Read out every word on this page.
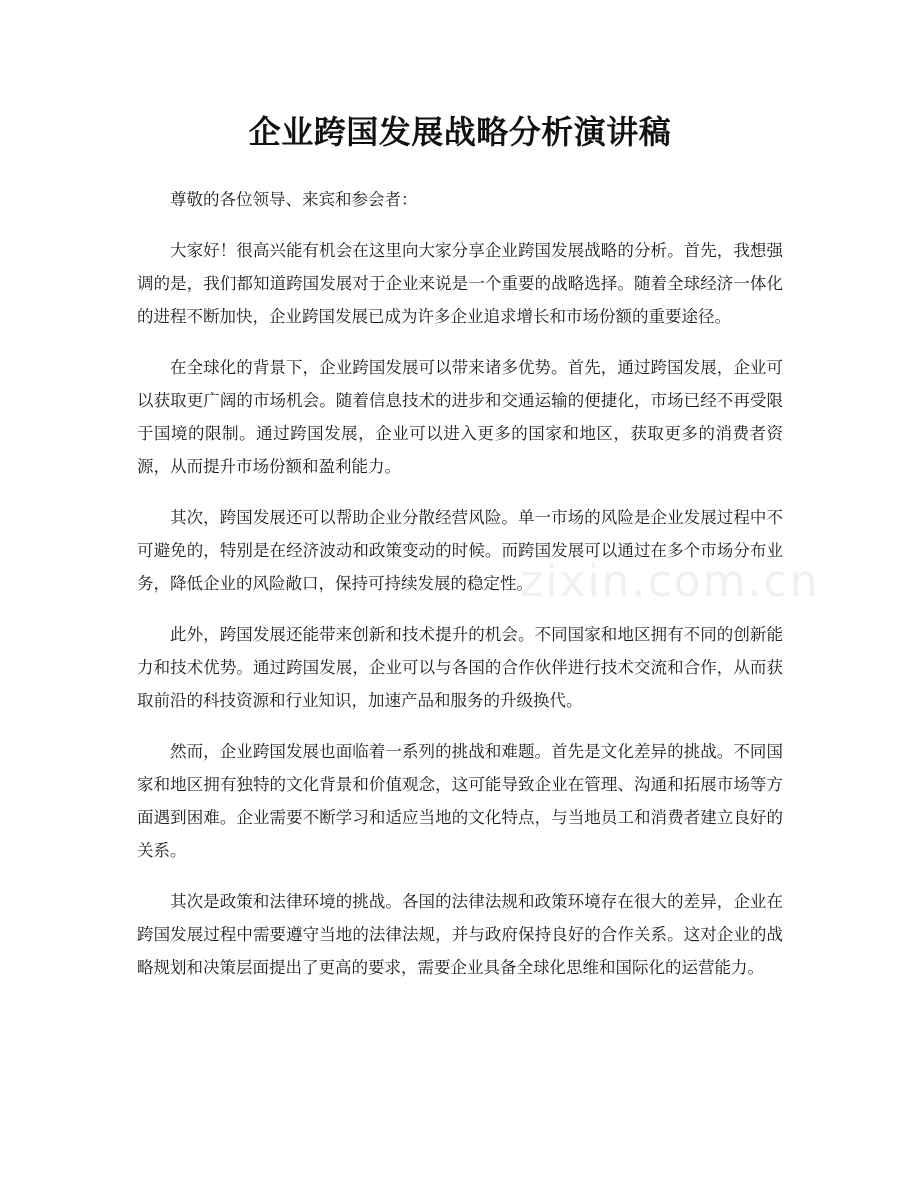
企业跨国发展战略分析演讲稿
zixin.com.cn

尊敬的各位领导、来宾和参会者：

大家好！很高兴能有机会在这里向大家分享企业跨国发展战略的分析。首先，我想强调的是，我们都知道跨国发展对于企业来说是一个重要的战略选择。随着全球经济一体化的进程不断加快，企业跨国发展已成为许多企业追求增长和市场份额的重要途径。

在全球化的背景下，企业跨国发展可以带来诸多优势。首先，通过跨国发展，企业可以获取更广阔的市场机会。随着信息技术的进步和交通运输的便捷化，市场已经不再受限于国境的限制。通过跨国发展，企业可以进入更多的国家和地区，获取更多的消费者资源，从而提升市场份额和盈利能力。

其次，跨国发展还可以帮助企业分散经营风险。单一市场的风险是企业发展过程中不可避免的，特别是在经济波动和政策变动的时候。而跨国发展可以通过在多个市场分布业务，降低企业的风险敞口，保持可持续发展的稳定性。

此外，跨国发展还能带来创新和技术提升的机会。不同国家和地区拥有不同的创新能力和技术优势。通过跨国发展，企业可以与各国的合作伙伴进行技术交流和合作，从而获取前沿的科技资源和行业知识，加速产品和服务的升级换代。

然而，企业跨国发展也面临着一系列的挑战和难题。首先是文化差异的挑战。不同国家和地区拥有独特的文化背景和价值观念，这可能导致企业在管理、沟通和拓展市场等方面遇到困难。企业需要不断学习和适应当地的文化特点，与当地员工和消费者建立良好的关系。

其次是政策和法律环境的挑战。各国的法律法规和政策环境存在很大的差异，企业在跨国发展过程中需要遵守当地的法律法规，并与政府保持良好的合作关系。这对企业的战略规划和决策层面提出了更高的要求，需要企业具备全球化思维和国际化的运营能力。
